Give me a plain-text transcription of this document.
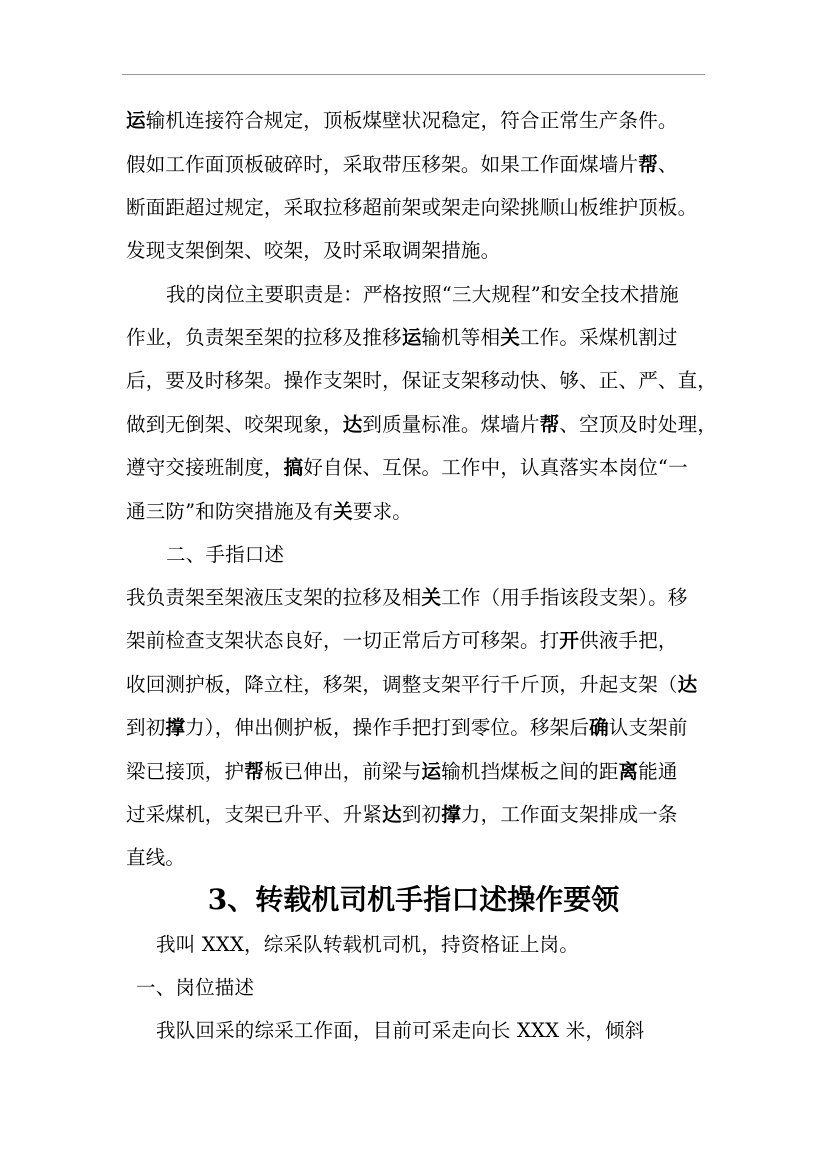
运输机连接符合规定，顶板煤壁状况稳定，符合正常生产条件。
假如工作面顶板破碎时，采取带压移架。如果工作面煤墙片帮、
断面距超过规定，采取拉移超前架或架走向梁挑顺山板维护顶板。
发现支架倒架、咬架，及时采取调架措施。
我的岗位主要职责是：严格按照“三大规程”和安全技术措施
作业，负责架至架的拉移及推移运输机等相关工作。采煤机割过
后，要及时移架。操作支架时，保证支架移动快、够、正、严、直，
做到无倒架、咬架现象，达到质量标准。煤墙片帮、空顶及时处理，
遵守交接班制度，搞好自保、互保。工作中，认真落实本岗位“一
通三防”和防突措施及有关要求。
二、手指口述
我负责架至架液压支架的拉移及相关工作（用手指该段支架）。移
架前检查支架状态良好，一切正常后方可移架。打开供液手把，
收回测护板，降立柱，移架，调整支架平行千斤顶，升起支架（达
到初撑力），伸出侧护板，操作手把打到零位。移架后确认支架前
梁已接顶，护帮板已伸出，前梁与运输机挡煤板之间的距离能通
过采煤机，支架已升平、升紧达到初撑力，工作面支架排成一条
直线。
3、转载机司机手指口述操作要领
我叫 XXX，综采队转载机司机，持资格证上岗。
一、岗位描述
我队回采的综采工作面，目前可采走向长 XXX 米，倾斜
